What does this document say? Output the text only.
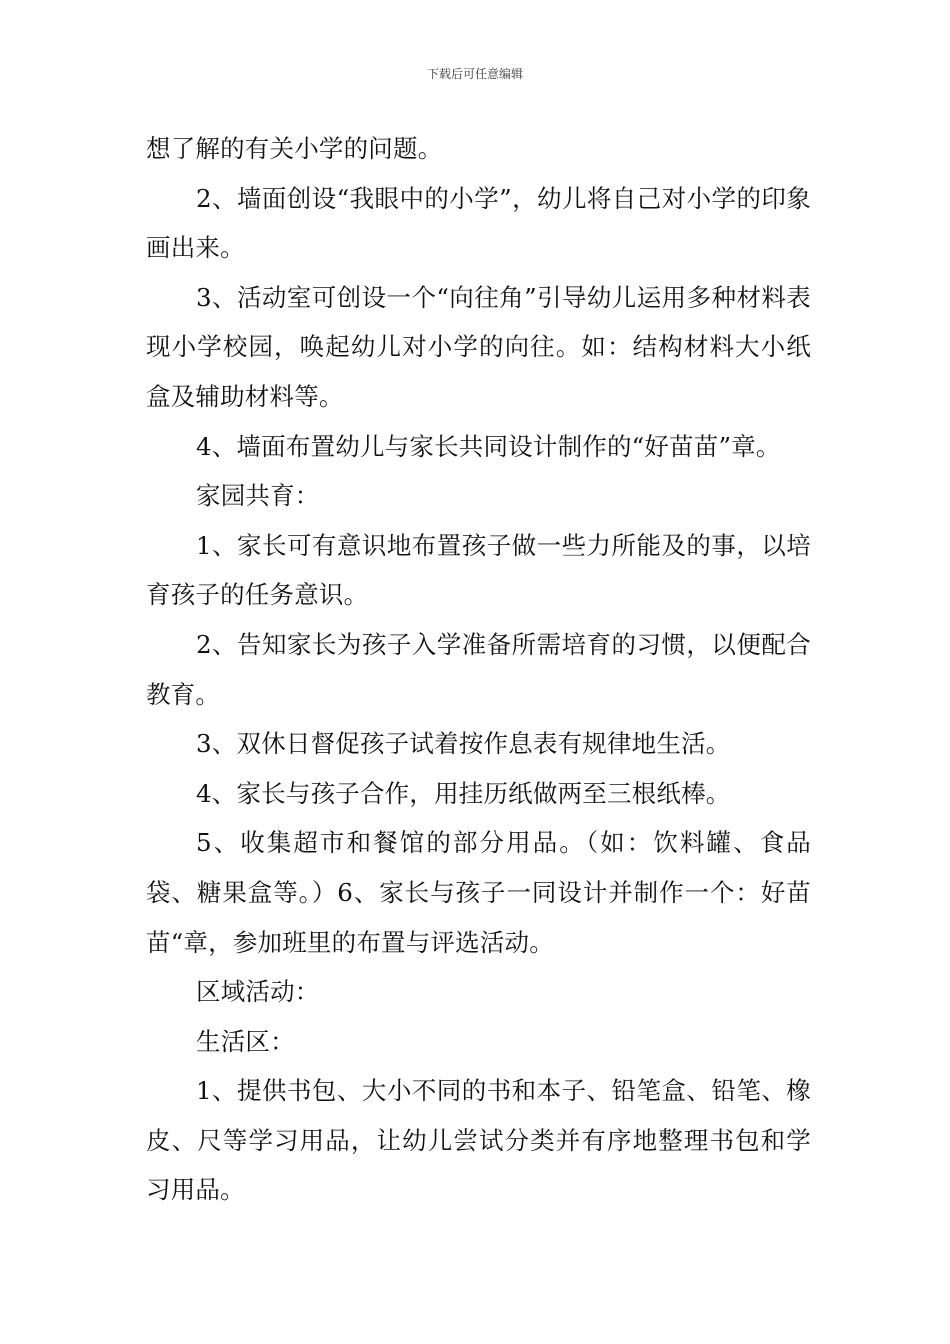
下载后可任意编辑

想了解的有关小学的问题。

2、墙面创设“我眼中的小学”，幼儿将自己对小学的印象画出来。

3、活动室可创设一个“向往角”引导幼儿运用多种材料表现小学校园，唤起幼儿对小学的向往。如：结构材料大小纸盒及辅助材料等。

4、墙面布置幼儿与家长共同设计制作的“好苗苗”章。

家园共育：

1、家长可有意识地布置孩子做一些力所能及的事，以培育孩子的任务意识。

2、告知家长为孩子入学准备所需培育的习惯，以便配合教育。

3、双休日督促孩子试着按作息表有规律地生活。

4、家长与孩子合作，用挂历纸做两至三根纸棒。

5、收集超市和餐馆的部分用品。（如：饮料罐、食品袋、糖果盒等。）6、家长与孩子一同设计并制作一个：好苗苗“章，参加班里的布置与评选活动。

区域活动：

生活区：

1、提供书包、大小不同的书和本子、铅笔盒、铅笔、橡皮、尺等学习用品，让幼儿尝试分类并有序地整理书包和学习用品。
